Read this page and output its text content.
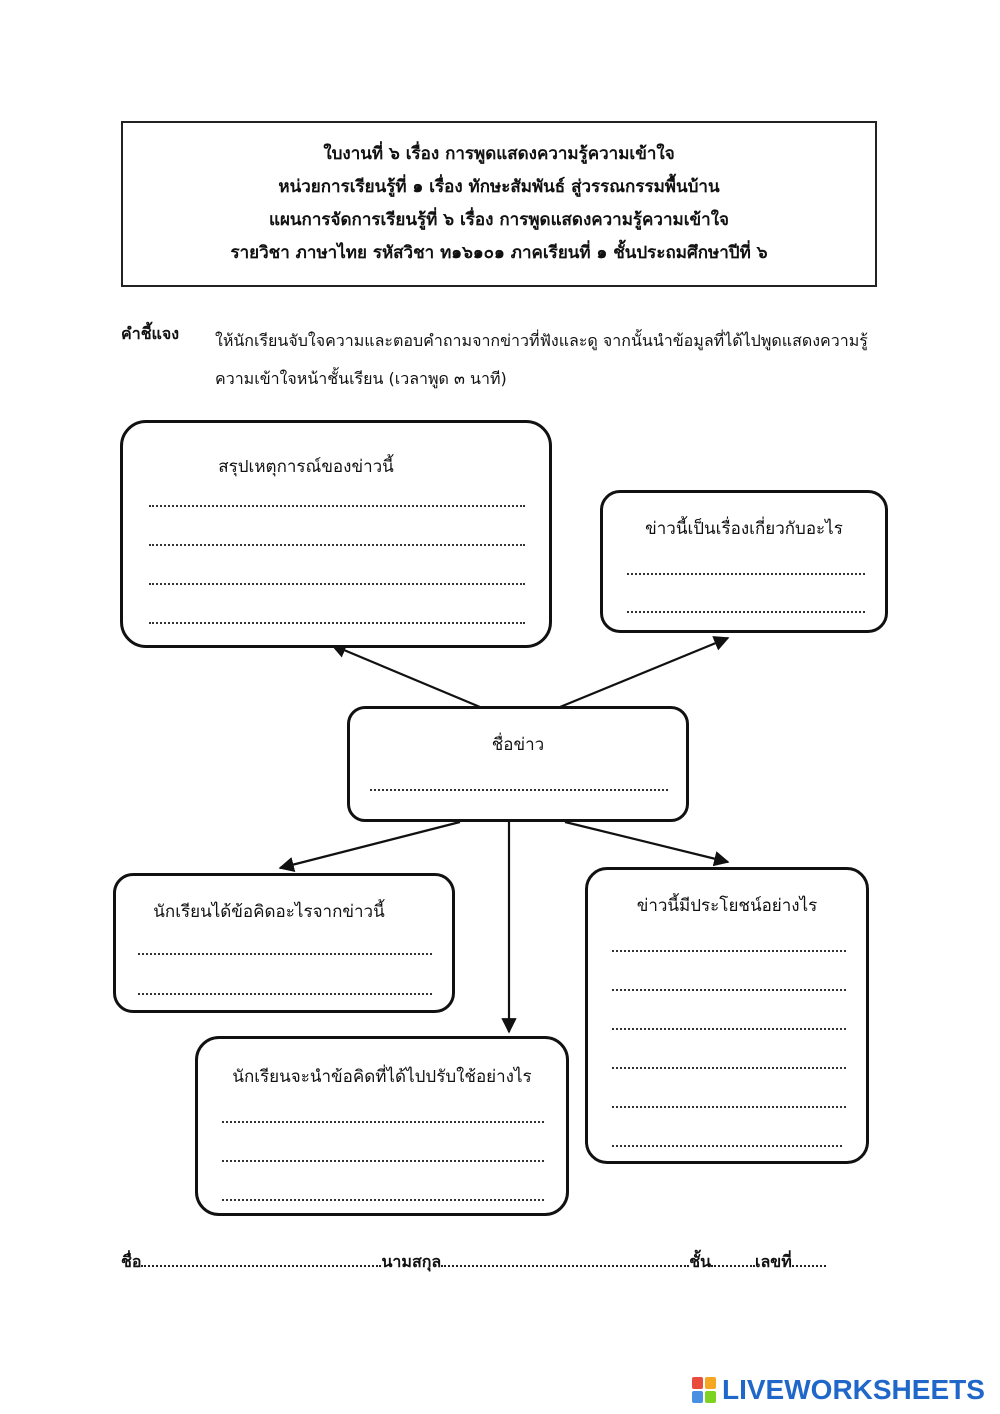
ใบงานที่ ๖ เรื่อง การพูดแสดงความรู้ความเข้าใจ
หน่วยการเรียนรู้ที่ ๑ เรื่อง ทักษะสัมพันธ์ สู่วรรณกรรมพื้นบ้าน
แผนการจัดการเรียนรู้ที่ ๖ เรื่อง การพูดแสดงความรู้ความเข้าใจ
รายวิชา ภาษาไทย รหัสวิชา ท๑๖๑๐๑ ภาคเรียนที่ ๑ ชั้นประถมศึกษาปีที่ ๖
คำชี้แจง ให้นักเรียนจับใจความและตอบคำถามจากข่าวที่ฟังและดู จากนั้นนำข้อมูลที่ได้ไปพูดแสดงความรู้ความเข้าใจหน้าชั้นเรียน (เวลาพูด ๓ นาที)
สรุปเหตุการณ์ของข่าวนี้
ข่าวนี้เป็นเรื่องเกี่ยวกับอะไร
ชื่อข่าว
นักเรียนได้ข้อคิดอะไรจากข่าวนี้
นักเรียนจะนำข้อคิดที่ได้ไปปรับใช้อย่างไร
ข่าวนี้มีประโยชน์อย่างไร
ชื่อ	นามสกุล	ชั้น	เลขที่
LIVEWORKSHEETS
